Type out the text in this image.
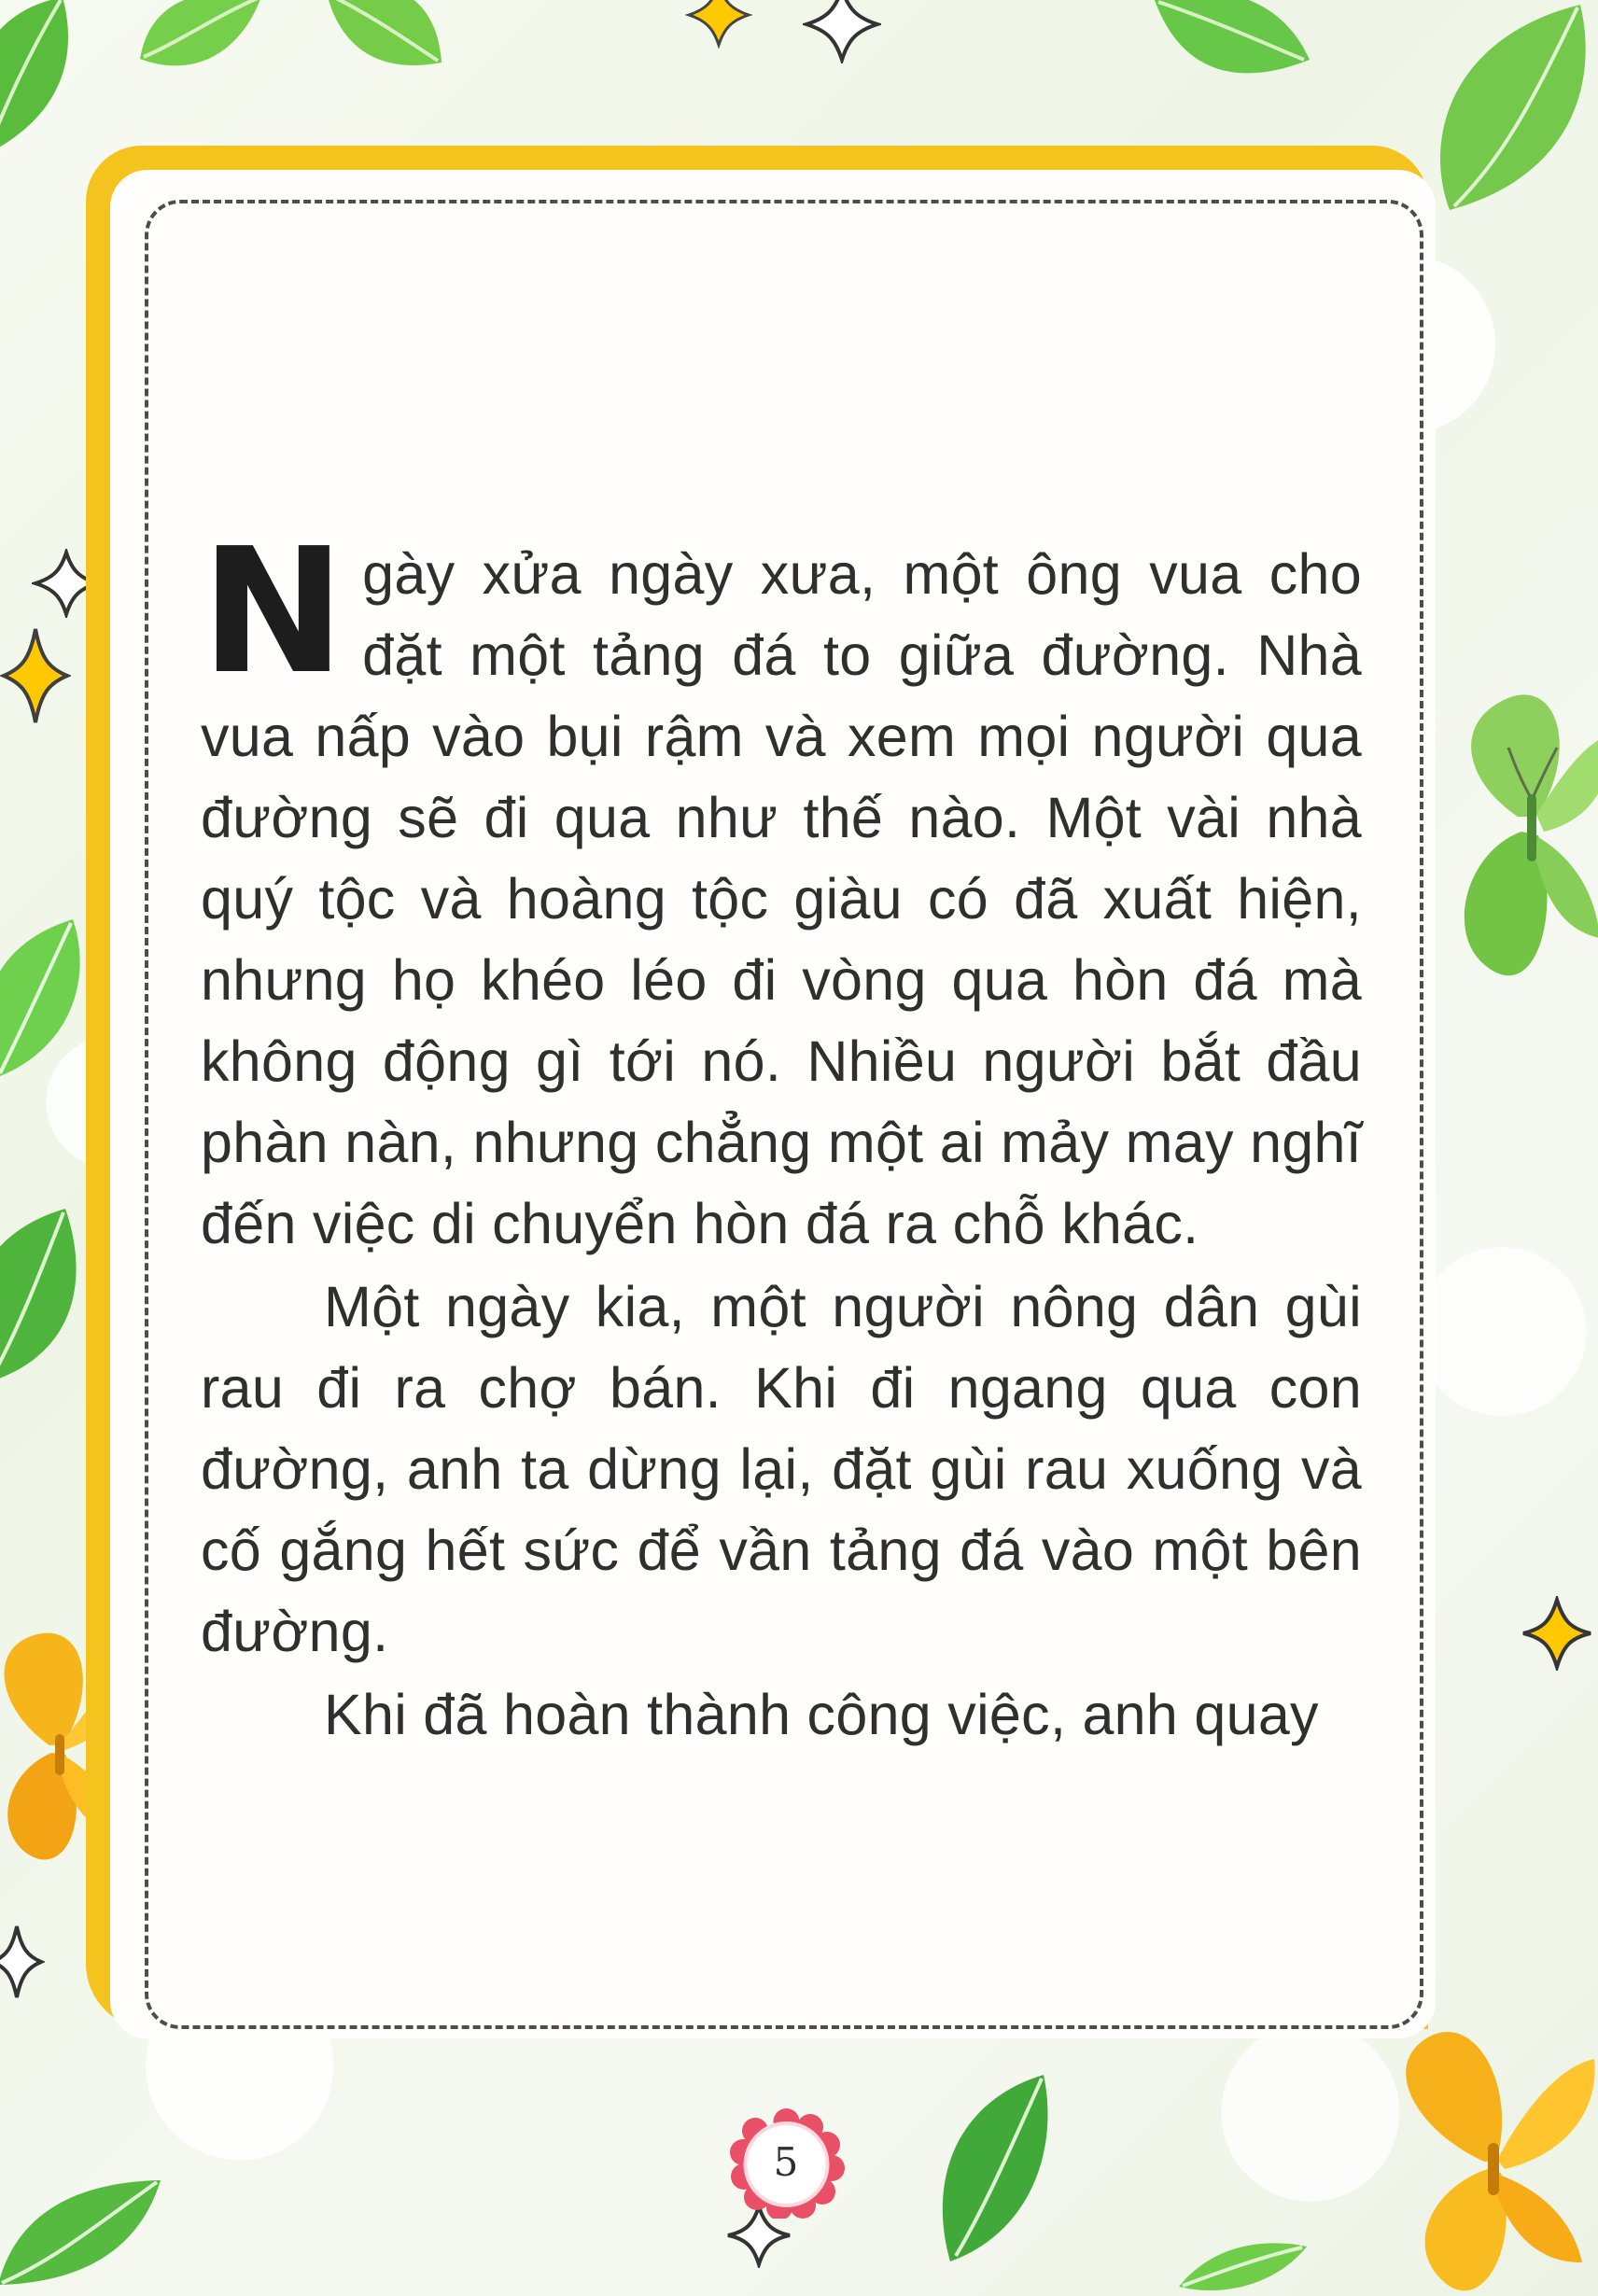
N gày xửa ngày xưa, một ông vua cho đặt một tảng đá to giữa đường. Nhà vua nấp vào bụi rậm và xem mọi người qua đường sẽ đi qua như thế nào. Một vài nhà quý tộc và hoàng tộc giàu có đã xuất hiện, nhưng họ khéo léo đi vòng qua hòn đá mà không động gì tới nó. Nhiều người bắt đầu phàn nàn, nhưng chẳng một ai mảy may nghĩ đến việc di chuyển hòn đá ra chỗ khác.

Một ngày kia, một người nông dân gùi rau đi ra chợ bán. Khi đi ngang qua con đường, anh ta dừng lại, đặt gùi rau xuống và cố gắng hết sức để vần tảng đá vào một bên đường.

Khi đã hoàn thành công việc, anh quay

5
